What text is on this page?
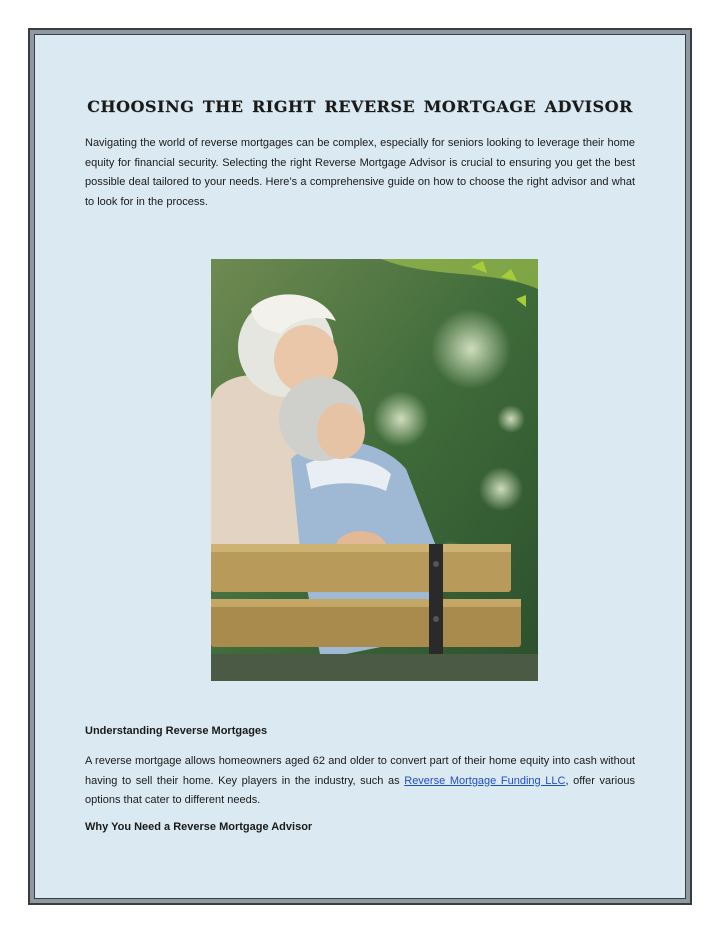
choosing the right reverse mortgage advisor

Navigating the world of reverse mortgages can be complex, especially for seniors looking to leverage their home equity for financial security. Selecting the right Reverse Mortgage Advisor is crucial to ensuring you get the best possible deal tailored to your needs. Here’s a comprehensive guide on how to choose the right advisor and what to look for in the process.

Understanding Reverse Mortgages

A reverse mortgage allows homeowners aged 62 and older to convert part of their home equity into cash without having to sell their home. Key players in the industry, such as Reverse Mortgage Funding LLC, offer various options that cater to different needs.

Why You Need a Reverse Mortgage Advisor
